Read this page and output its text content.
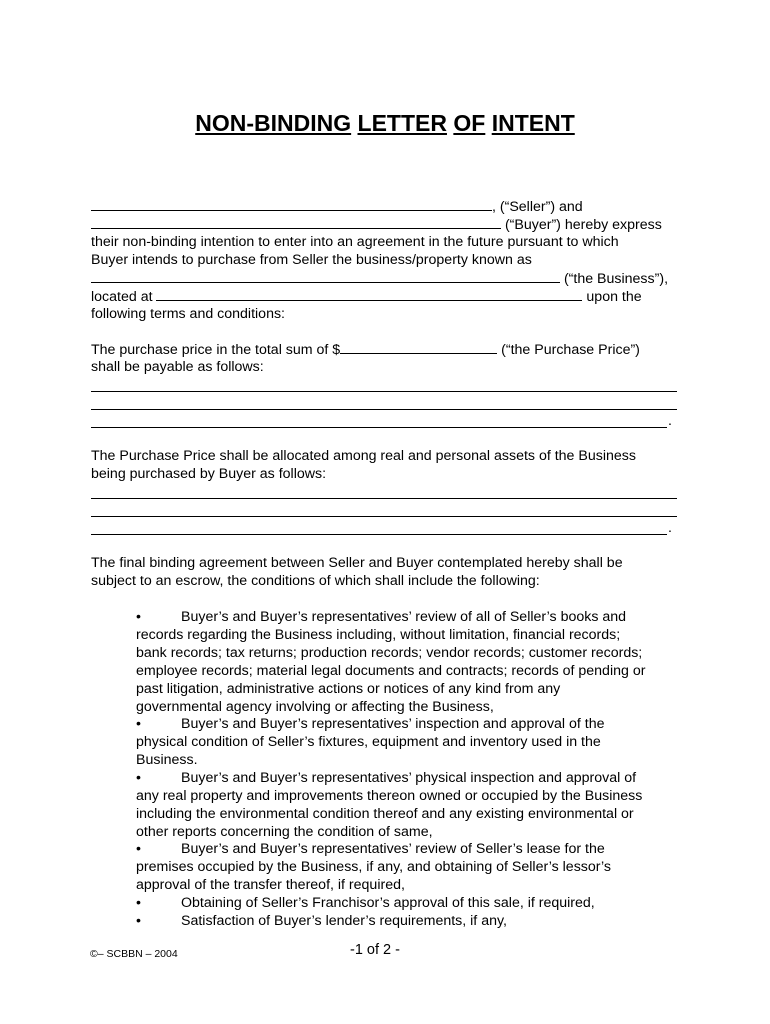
NON-BINDING LETTER OF INTENT
, (“Seller”) and
(“Buyer”) hereby express
their non-binding intention to enter into an agreement in the future pursuant to which
Buyer intends to purchase from Seller the business/property known as
(“the Business”),
located at	upon the
following terms and conditions:
The purchase price in the total sum of $	(“the Purchase Price”)
shall be payable as follows:
.
The Purchase Price shall be allocated among real and personal assets of the Business
being purchased by Buyer as follows:
.
The final binding agreement between Seller and Buyer contemplated hereby shall be
subject to an escrow, the conditions of which shall include the following:
•	Buyer’s and Buyer’s representatives’ review of all of Seller’s books and
records regarding the Business including, without limitation, financial records;
bank records; tax returns; production records; vendor records; customer records;
employee records; material legal documents and contracts; records of pending or
past litigation, administrative actions or notices of any kind from any
governmental agency involving or affecting the Business,
•	Buyer’s and Buyer’s representatives’ inspection and approval of the
physical condition of Seller’s fixtures, equipment and inventory used in the
Business.
•	Buyer’s and Buyer’s representatives’ physical inspection and approval of
any real property and improvements thereon owned or occupied by the Business
including the environmental condition thereof and any existing environmental or
other reports concerning the condition of same,
•	Buyer’s and Buyer’s representatives’ review of Seller’s lease for the
premises occupied by the Business, if any, and obtaining of Seller’s lessor’s
approval of the transfer thereof, if required,
•	Obtaining of Seller’s Franchisor’s approval of this sale, if required,
•	Satisfaction of Buyer’s lender’s requirements, if any,
©– SCBBN – 2004	-1 of 2 -
